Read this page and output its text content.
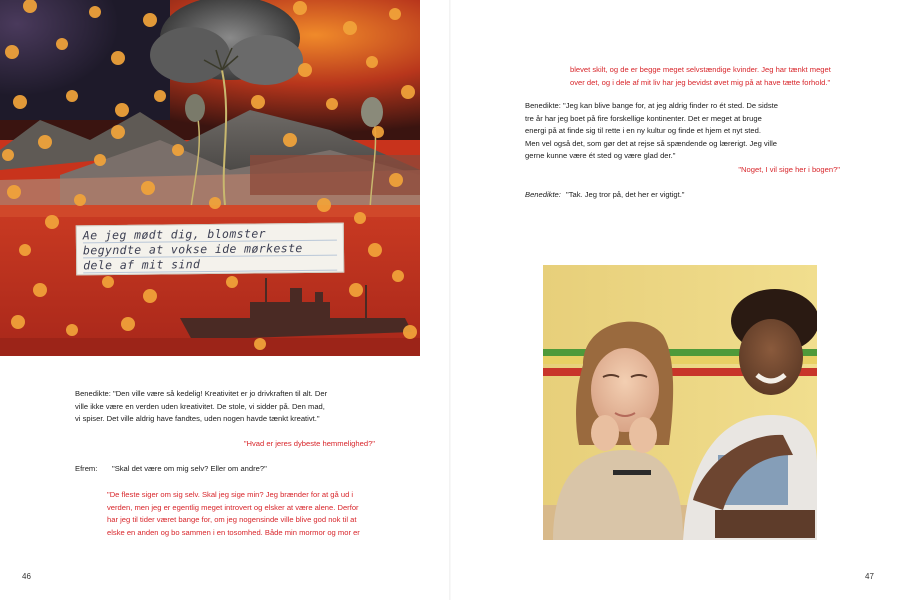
Ae jeg mødt dig, blomster
begyndte at vokse ide mørkeste
dele af mit sind
Benedikte: "Den ville være så kedelig! Kreativitet er jo drivkraften til alt. Der
ville ikke være en verden uden kreativitet. De stole, vi sidder på. Den mad,
vi spiser. Det ville aldrig have fandtes, uden nogen havde tænkt kreativt."
"Hvad er jeres dybeste hemmelighed?"
Efrem: "Skal det være om mig selv? Eller om andre?"
"De fleste siger om sig selv. Skal jeg sige min? Jeg brænder for at gå ud i
verden, men jeg er egentlig meget introvert og elsker at være alene. Derfor
har jeg til tider været bange for, om jeg nogensinde ville blive god nok til at
elske en anden og bo sammen i en tosomhed. Både min mormor og mor er
46
blevet skilt, og de er begge meget selvstændige kvinder. Jeg har tænkt meget
over det, og i dele af mit liv har jeg bevidst øvet mig på at have tætte forhold."
Benedikte: "Jeg kan blive bange for, at jeg aldrig finder ro ét sted. De sidste
tre år har jeg boet på fire forskellige kontinenter. Det er meget at bruge
energi på at finde sig til rette i en ny kultur og finde et hjem et nyt sted.
Men vel også det, som gør det at rejse så spændende og lærerigt. Jeg ville
gerne kunne være ét sted og være glad der."
"Noget, I vil sige her i bogen?"
Benedikte: "Tak. Jeg tror på, det her er vigtigt."
47
